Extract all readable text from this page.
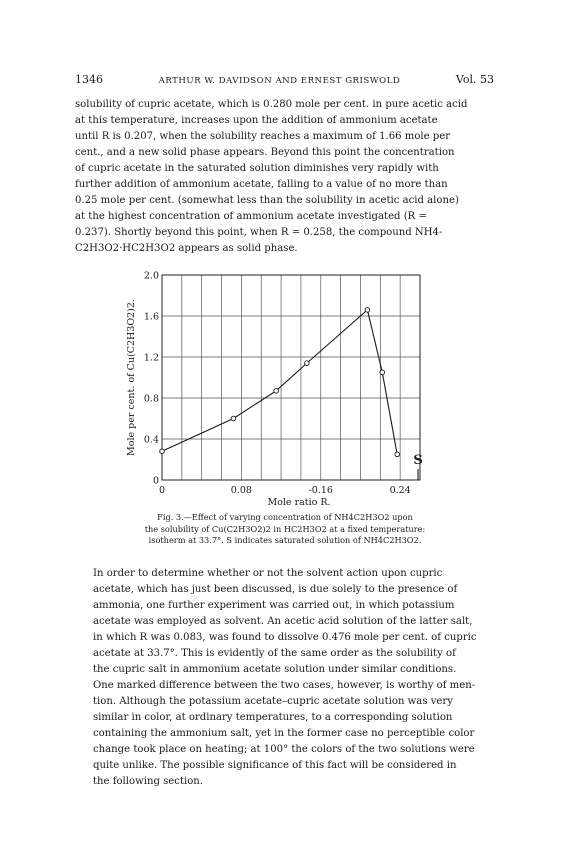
1346	ARTHUR W. DAVIDSON AND ERNEST GRISWOLD	Vol. 53
solubility of cupric acetate, which is 0.280 mole per cent. in pure acetic acid
at this temperature, increases upon the addition of ammonium acetate
until R is 0.207, when the solubility reaches a maximum of 1.66 mole per
cent., and a new solid phase appears. Beyond this point the concentration
of cupric acetate in the saturated solution diminishes very rapidly with
further addition of ammonium acetate, falling to a value of no more than
0.25 mole per cent. (somewhat less than the solubility in acetic acid alone)
at the highest concentration of ammonium acetate investigated (R =
0.237). Shortly beyond this point, when R = 0.258, the compound NH4-
C2H3O2·HC2H3O2 appears as solid phase.
0
0.4
0.8
1.2
1.6
2.0
0	0.08	-0.16	0.24
Mole ratio R.
Mole per cent. of Cu(C2H3O2)2.
S
Fig. 3.—Effect of varying concentration of NH4C2H3O2 upon
the solubility of Cu(C2H3O2)2 in HC2H3O2 at a fixed temperature:
isotherm at 33.7°. S indicates saturated solution of NH4C2H3O2.
In order to determine whether or not the solvent action upon cupric
acetate, which has just been discussed, is due solely to the presence of
ammonia, one further experiment was carried out, in which potassium
acetate was employed as solvent. An acetic acid solution of the latter salt,
in which R was 0.083, was found to dissolve 0.476 mole per cent. of cupric
acetate at 33.7°. This is evidently of the same order as the solubility of
the cupric salt in ammonium acetate solution under similar conditions.
One marked difference between the two cases, however, is worthy of men-
tion. Although the potassium acetate–cupric acetate solution was very
similar in color, at ordinary temperatures, to a corresponding solution
containing the ammonium salt, yet in the former case no perceptible color
change took place on heating; at 100° the colors of the two solutions were
quite unlike. The possible significance of this fact will be considered in
the following section.
